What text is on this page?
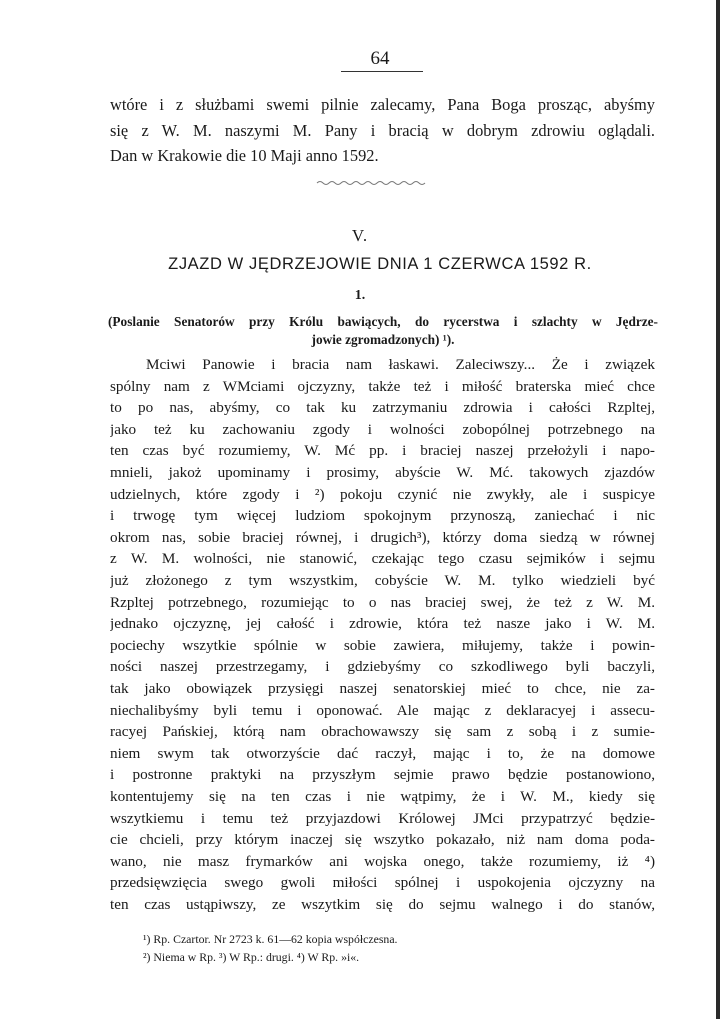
64
wtóre i z służbami swemi pilnie zalecamy, Pana Boga prosząc, abyśmy
się z W. M. naszymi M. Pany i bracią w dobrym zdrowiu oglądali.
Dan w Krakowie die 10 Maji anno 1592.
V.
ZJAZD W JĘDRZEJOWIE DNIA 1 CZERWCA 1592 R.
1.
(Poslanie Senatorów przy Królu bawiących, do rycerstwa i szlachty w Jędrze-
jowie zgromadzonych) ¹).
Mciwi Panowie i bracia nam łaskawi. Zaleciwszy... Że i związek
spólny nam z WMciami ojczyzny, także też i miłość braterska mieć chce
to po nas, abyśmy, co tak ku zatrzymaniu zdrowia i całości Rzpltej,
jako też ku zachowaniu zgody i wolności zobopólnej potrzebnego na
ten czas być rozumiemy, W. Mć pp. i braciej naszej przełożyli i napo-
mnieli, jakoż upominamy i prosimy, abyście W. Mć. takowych zjazdów
udzielnych, które zgody i ²) pokoju czynić nie zwykły, ale i suspicye
i trwogę tym więcej ludziom spokojnym przynoszą, zaniechać i nic
okrom nas, sobie braciej równej, i drugich³), którzy doma siedzą w równej
z W. M. wolności, nie stanowić, czekając tego czasu sejmików i sejmu
już złożonego z tym wszystkim, cobyście W. M. tylko wiedzieli być
Rzpltej potrzebnego, rozumiejąc to o nas braciej swej, że też z W. M.
jednako ojczyznę, jej całość i zdrowie, która też nasze jako i W. M.
pociechy wszytkie spólnie w sobie zawiera, miłujemy, także i powin-
ności naszej przestrzegamy, i gdziebyśmy co szkodliwego byli baczyli,
tak jako obowiązek przysięgi naszej senatorskiej mieć to chce, nie za-
niechalibyśmy byli temu i oponować. Ale mając z deklaracyej i assecu-
racyej Pańskiej, którą nam obrachowawszy się sam z sobą i z sumie-
niem swym tak otworzyście dać raczył, mając i to, że na domowe
i postronne praktyki na przyszłym sejmie prawo będzie postanowiono,
kontentujemy się na ten czas i nie wątpimy, że i W. M., kiedy się
wszytkiemu i temu też przyjazdowi Królowej JMci przypatrzyć będzie-
cie chcieli, przy którym inaczej się wszytko pokazało, niż nam doma poda-
wano, nie masz frymarków ani wojska onego, także rozumiemy, iż ⁴)
przedsięwzięcia swego gwoli miłości spólnej i uspokojenia ojczyzny na
ten czas ustąpiwszy, ze wszytkim się do sejmu walnego i do stanów,
¹) Rp. Czartor. Nr 2723 k. 61—62 kopia współczesna.
²) Niema w Rp. ³) W Rp.: drugi. ⁴) W Rp. »i«.
